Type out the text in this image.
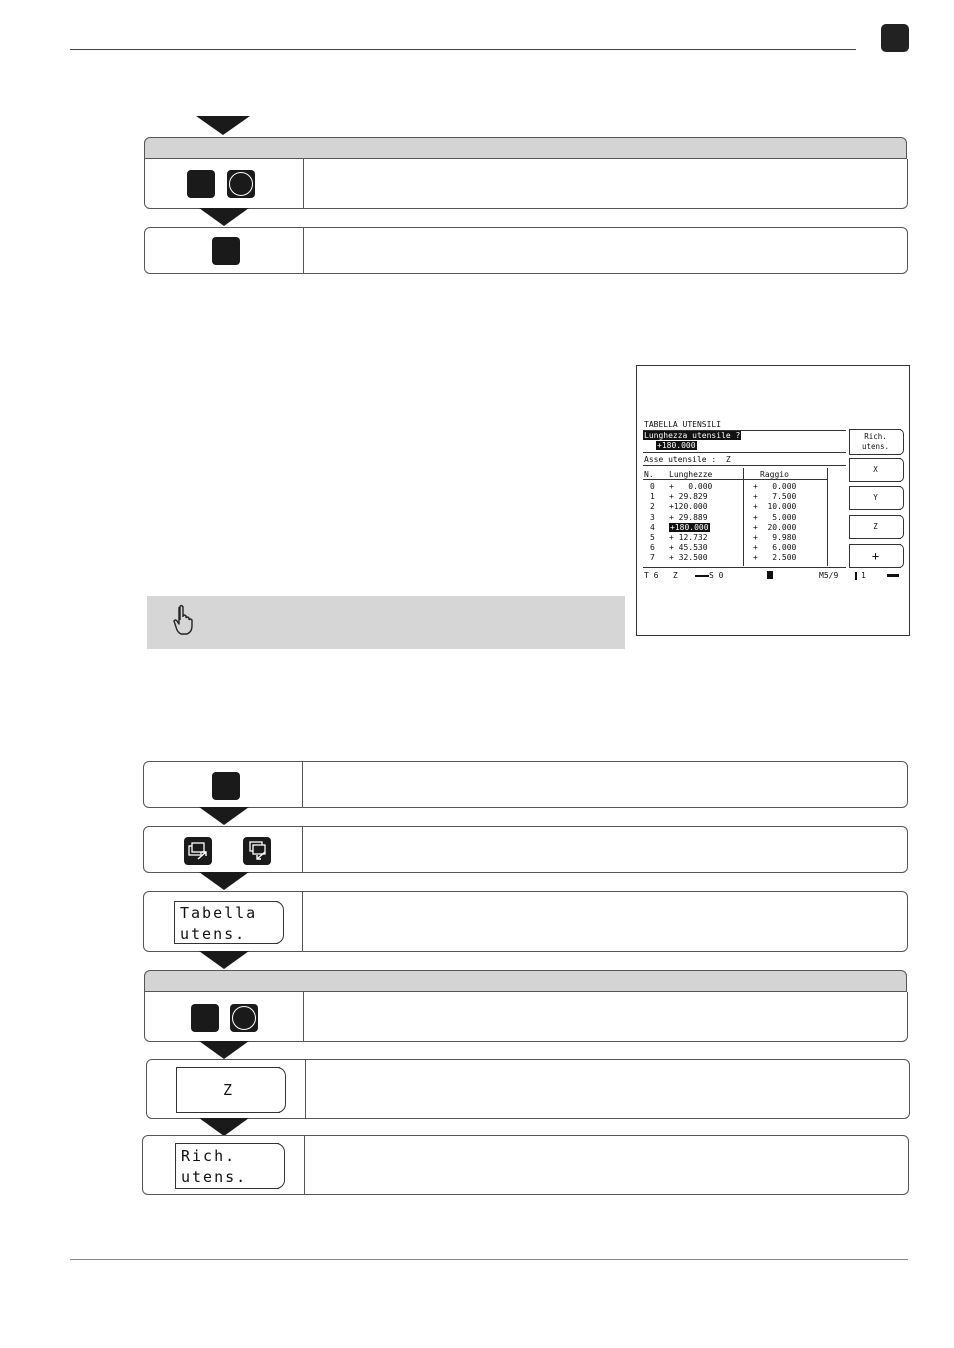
TABELLA UTENSILI
Lunghezza utensile ?
+180.000
Asse utensile :  Z
N. Lunghezze	Raggio
0 +   0.000	+   0.000
1 + 29.829	+   7.500
2 +120.000	+  10.000
3 + 29.889	+   5.000
4 +180.000	+  20.000
5 + 12.732	+   9.980
6 + 45.530	+   6.000
7 + 32.500	+   2.500
Rich.
utens.
X
Y
Z
+
T 6   Z	S 0	M5/9	1
Tabella
utens.
Z
Rich.
utens.
